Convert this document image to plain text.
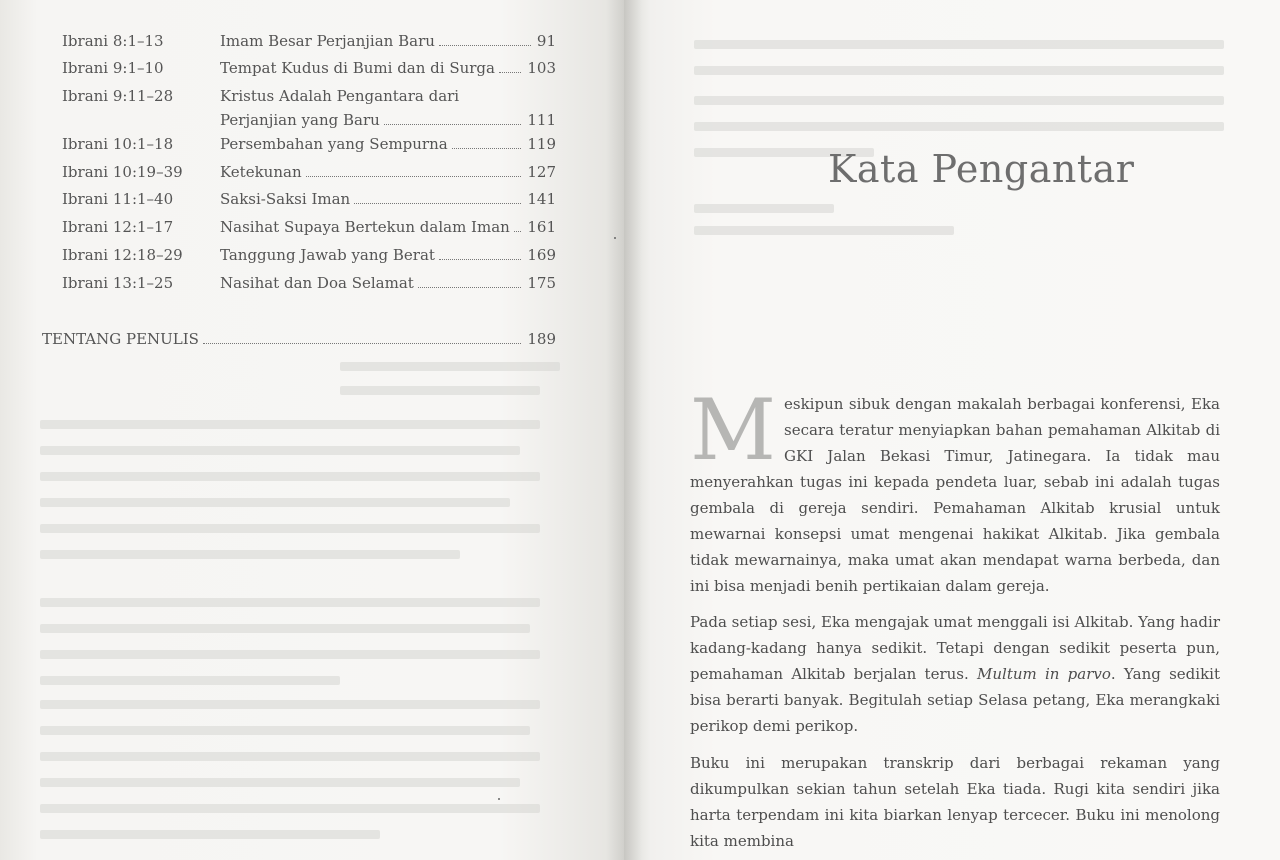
Ibrani 8:1–13	Imam Besar Perjanjian Baru	91
Ibrani 9:1–10	Tempat Kudus di Bumi dan di Surga 103
Ibrani 9:11–28	Kristus Adalah Pengantara dari
Perjanjian yang Baru	111
Ibrani 10:1–18	Persembahan yang Sempurna	119
Ibrani 10:19–39 Ketekunan	127
Ibrani 11:1–40	Saksi-Saksi Iman	141
Ibrani 12:1–17	Nasihat Supaya Bertekun dalam Iman 161
Ibrani 12:18–29 Tanggung Jawab yang Berat	169
Ibrani 13:1–25	Nasihat dan Doa Selamat	175
TENTANG PENULIS	189
Kata Pengantar
Meskipun sibuk dengan makalah berbagai konferensi, Eka secara teratur menyiapkan bahan pemahaman Alkitab di GKI Jalan Bekasi Timur, Jatinegara. Ia tidak mau menyerahkan tugas ini kepada pendeta luar, sebab ini adalah tugas gembala di gereja sendiri. Pemahaman Alkitab krusial untuk mewarnai konsepsi umat mengenai hakikat Alkitab. Jika gembala tidak mewarnainya, maka umat akan mendapat warna berbeda, dan ini bisa menjadi benih pertikaian dalam gereja.
Pada setiap sesi, Eka mengajak umat menggali isi Alkitab. Yang hadir kadang-kadang hanya sedikit. Tetapi dengan sedikit peserta pun, pemahaman Alkitab berjalan terus. Multum in parvo. Yang sedikit bisa berarti banyak. Begitulah setiap Selasa petang, Eka merangkaki perikop demi perikop.
Buku ini merupakan transkrip dari berbagai rekaman yang dikumpulkan sekian tahun setelah Eka tiada. Rugi kita sendiri jika harta terpendam ini kita biarkan lenyap tercecer. Buku ini menolong kita membina
